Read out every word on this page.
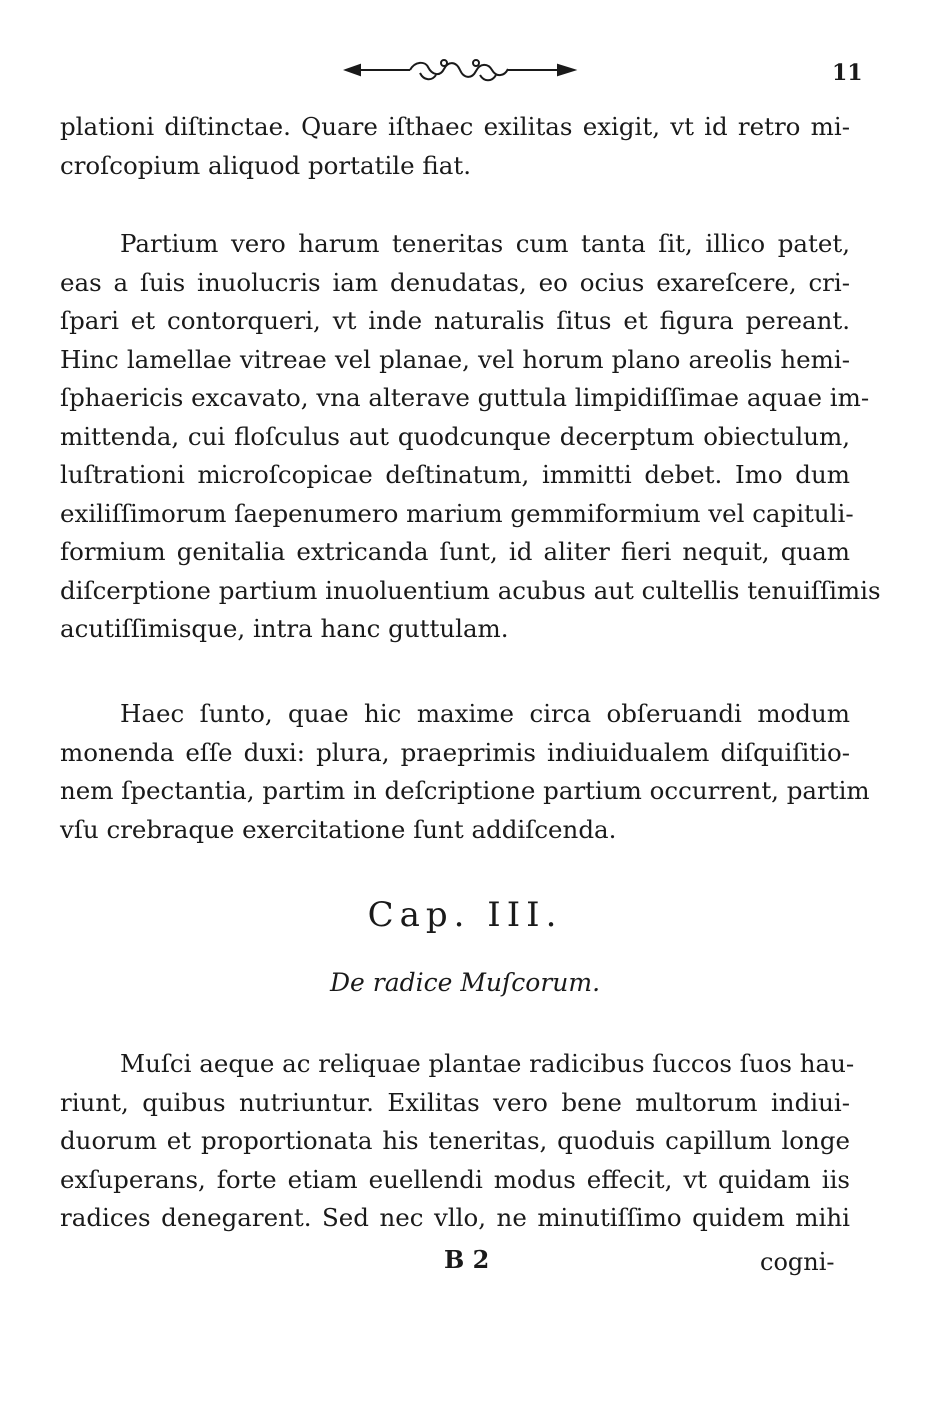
11
plationi diſtinctae. Quare iſthaec exilitas exigit, vt id retro mi-
croſcopium aliquod portatile fiat.
Partium vero harum teneritas cum tanta ſit, illico patet,
eas a ſuis inuolucris iam denudatas, eo ocius exareſcere, cri-
ſpari et contorqueri, vt inde naturalis ſitus et figura pereant.
Hinc lamellae vitreae vel planae, vel horum plano areolis hemi-
ſphaericis excavato, vna alterave guttula limpidiſſimae aquae im-
mittenda, cui floſculus aut quodcunque decerptum obiectulum,
luſtrationi microſcopicae deſtinatum, immitti debet. Imo dum
exiliſſimorum ſaepenumero marium gemmiformium vel capituli-
formium genitalia extricanda ſunt, id aliter fieri nequit, quam
diſcerptione partium inuoluentium acubus aut cultellis tenuiſſimis
acutiſſimisque, intra hanc guttulam.
Haec ſunto, quae hic maxime circa obſeruandi modum
monenda eſſe duxi: plura, praeprimis indiuidualem diſquiſitio-
nem ſpectantia, partim in deſcriptione partium occurrent, partim
vſu crebraque exercitatione ſunt addiſcenda.
Cap. III.
De radice Muſcorum.
Muſci aeque ac reliquae plantae radicibus ſuccos ſuos hau-
riunt, quibus nutriuntur. Exilitas vero bene multorum indiui-
duorum et proportionata his teneritas, quoduis capillum longe
exſuperans, forte etiam euellendi modus effecit, vt quidam iis
radices denegarent. Sed nec vllo, ne minutiſſimo quidem mihi
B 2	cogni-
